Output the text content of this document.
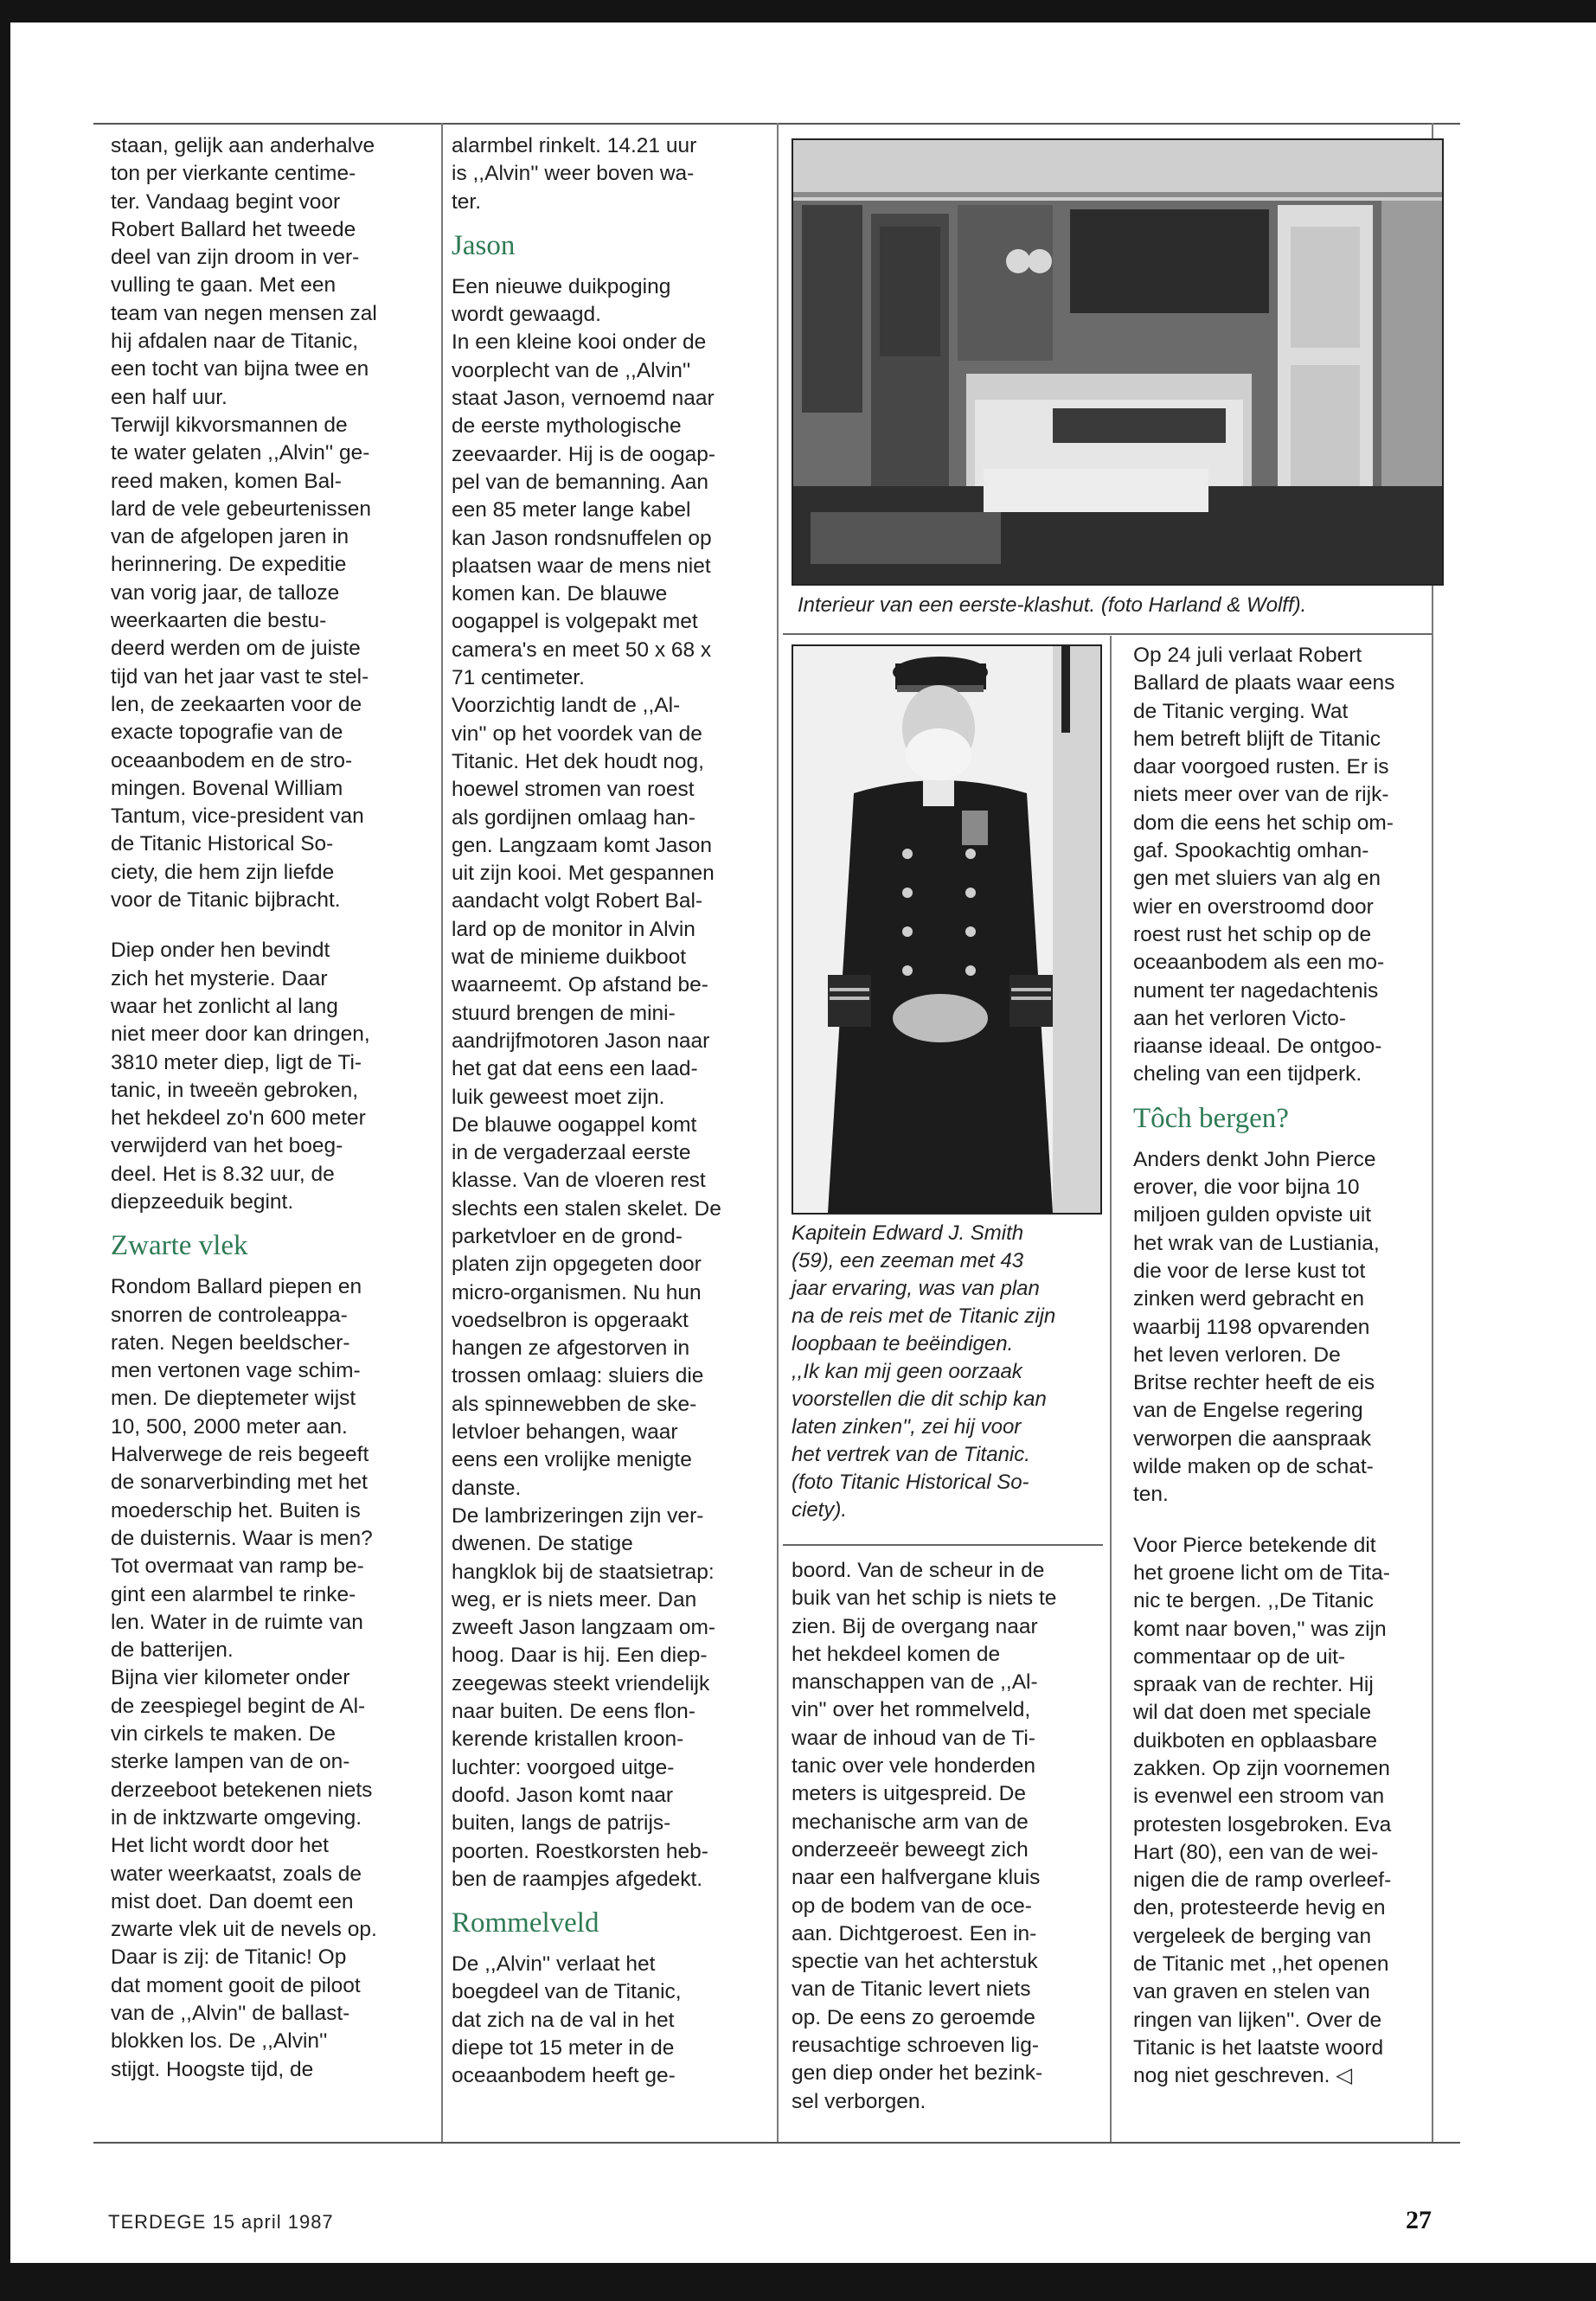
staan, gelijk aan anderhalve
ton per vierkante centime-
ter. Vandaag begint voor
Robert Ballard het tweede
deel van zijn droom in ver-
vulling te gaan. Met een
team van negen mensen zal
hij afdalen naar de Titanic,
een tocht van bijna twee en
een half uur.
Terwijl kikvorsmannen de
te water gelaten ,,Alvin'' ge-
reed maken, komen Bal-
lard de vele gebeurtenissen
van de afgelopen jaren in
herinnering. De expeditie
van vorig jaar, de talloze
weerkaarten die bestu-
deerd werden om de juiste
tijd van het jaar vast te stel-
len, de zeekaarten voor de
exacte topografie van de
oceaanbodem en de stro-
mingen. Bovenal William
Tantum, vice-president van
de Titanic Historical So-
ciety, die hem zijn liefde
voor de Titanic bijbracht.

Diep onder hen bevindt
zich het mysterie. Daar
waar het zonlicht al lang
niet meer door kan dringen,
3810 meter diep, ligt de Ti-
tanic, in tweeën gebroken,
het hekdeel zo'n 600 meter
verwijderd van het boeg-
deel. Het is 8.32 uur, de
diepzeeduik begint.

Zwarte vlek

Rondom Ballard piepen en
snorren de controleappa-
raten. Negen beeldscher-
men vertonen vage schim-
men. De dieptemeter wijst
10, 500, 2000 meter aan.
Halverwege de reis begeeft
de sonarverbinding met het
moederschip het. Buiten is
de duisternis. Waar is men?
Tot overmaat van ramp be-
gint een alarmbel te rinke-
len. Water in de ruimte van
de batterijen.
Bijna vier kilometer onder
de zeespiegel begint de Al-
vin cirkels te maken. De
sterke lampen van de on-
derzeeboot betekenen niets
in de inktzwarte omgeving.
Het licht wordt door het
water weerkaatst, zoals de
mist doet. Dan doemt een
zwarte vlek uit de nevels op.
Daar is zij: de Titanic! Op
dat moment gooit de piloot
van de ,,Alvin'' de ballast-
blokken los. De ,,Alvin''
stijgt. Hoogste tijd, de

alarmbel rinkelt. 14.21 uur
is ,,Alvin'' weer boven wa-
ter.

Jason

Een nieuwe duikpoging
wordt gewaagd.
In een kleine kooi onder de
voorplecht van de ,,Alvin''
staat Jason, vernoemd naar
de eerste mythologische
zeevaarder. Hij is de oogap-
pel van de bemanning. Aan
een 85 meter lange kabel
kan Jason rondsnuffelen op
plaatsen waar de mens niet
komen kan. De blauwe
oogappel is volgepakt met
camera's en meet 50 x 68 x
71 centimeter.
Voorzichtig landt de ,,Al-
vin'' op het voordek van de
Titanic. Het dek houdt nog,
hoewel stromen van roest
als gordijnen omlaag han-
gen. Langzaam komt Jason
uit zijn kooi. Met gespannen
aandacht volgt Robert Bal-
lard op de monitor in Alvin
wat de minieme duikboot
waarneemt. Op afstand be-
stuurd brengen de mini-
aandrijfmotoren Jason naar
het gat dat eens een laad-
luik geweest moet zijn.
De blauwe oogappel komt
in de vergaderzaal eerste
klasse. Van de vloeren rest
slechts een stalen skelet. De
parketvloer en de grond-
platen zijn opgegeten door
micro-organismen. Nu hun
voedselbron is opgeraakt
hangen ze afgestorven in
trossen omlaag: sluiers die
als spinnewebben de ske-
letvloer behangen, waar
eens een vrolijke menigte
danste.
De lambrizeringen zijn ver-
dwenen. De statige
hangklok bij de staatsietrap:
weg, er is niets meer. Dan
zweeft Jason langzaam om-
hoog. Daar is hij. Een diep-
zeegewas steekt vriendelijk
naar buiten. De eens flon-
kerende kristallen kroon-
luchter: voorgoed uitge-
doofd. Jason komt naar
buiten, langs de patrijs-
poorten. Roestkorsten heb-
ben de raampjes afgedekt.

Rommelveld

De ,,Alvin'' verlaat het
boegdeel van de Titanic,
dat zich na de val in het
diepe tot 15 meter in de
oceaanbodem heeft ge-

Interieur van een eerste-klashut. (foto Harland & Wolff).
Kapitein Edward J. Smith
(59), een zeeman met 43
jaar ervaring, was van plan
na de reis met de Titanic zijn
loopbaan te beëindigen.
,,Ik kan mij geen oorzaak
voorstellen die dit schip kan
laten zinken'', zei hij voor
het vertrek van de Titanic.
(foto Titanic Historical So-
ciety).

boord. Van de scheur in de
buik van het schip is niets te
zien. Bij de overgang naar
het hekdeel komen de
manschappen van de ,,Al-
vin'' over het rommelveld,
waar de inhoud van de Ti-
tanic over vele honderden
meters is uitgespreid. De
mechanische arm van de
onderzeeër beweegt zich
naar een halfvergane kluis
op de bodem van de oce-
aan. Dichtgeroest. Een in-
spectie van het achterstuk
van de Titanic levert niets
op. De eens zo geroemde
reusachtige schroeven lig-
gen diep onder het bezink-
sel verborgen.

Op 24 juli verlaat Robert
Ballard de plaats waar eens
de Titanic verging. Wat
hem betreft blijft de Titanic
daar voorgoed rusten. Er is
niets meer over van de rijk-
dom die eens het schip om-
gaf. Spookachtig omhan-
gen met sluiers van alg en
wier en overstroomd door
roest rust het schip op de
oceaanbodem als een mo-
nument ter nagedachtenis
aan het verloren Victo-
riaanse ideaal. De ontgoo-
cheling van een tijdperk.

Tôch bergen?

Anders denkt John Pierce
erover, die voor bijna 10
miljoen gulden opviste uit
het wrak van de Lustiania,
die voor de Ierse kust tot
zinken werd gebracht en
waarbij 1198 opvarenden
het leven verloren. De
Britse rechter heeft de eis
van de Engelse regering
verworpen die aanspraak
wilde maken op de schat-
ten.

Voor Pierce betekende dit
het groene licht om de Tita-
nic te bergen. ,,De Titanic
komt naar boven,'' was zijn
commentaar op de uit-
spraak van de rechter. Hij
wil dat doen met speciale
duikboten en opblaasbare
zakken. Op zijn voornemen
is evenwel een stroom van
protesten losgebroken. Eva
Hart (80), een van de wei-
nigen die de ramp overleef-
den, protesteerde hevig en
vergeleek de berging van
de Titanic met ,,het openen
van graven en stelen van
ringen van lijken''. Over de
Titanic is het laatste woord
nog niet geschreven. ◁

TERDEGE 15 april 1987	27
